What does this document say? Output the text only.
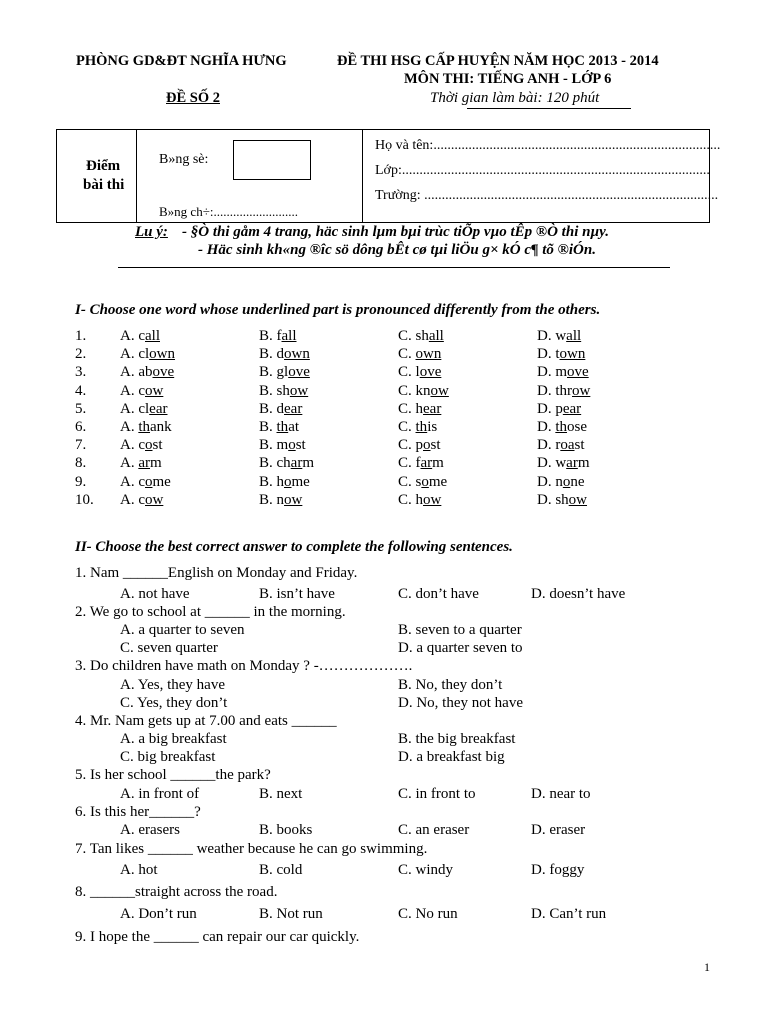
PHÒNG GD&ĐT NGHĨA HƯNG	ĐỀ THI HSG CẤP HUYỆN NĂM HỌC 2013 - 2014
MÔN THI: TIẾNG ANH - LỚP 6
ĐỀ SỐ 2	Thời gian làm bài: 120 phút
Điểm
bài thi
B»ng sè:
B»ng ch÷:..........................
Họ và tên:..................................................................................
Lớp:........................................................................................
Trường: ....................................................................................
Lu ý: - §Ò thi gåm 4 trang, häc sinh lµm bµi trùc tiÕp vµo tÊp ®Ò thi nµy.
- Häc sinh kh«ng ®îc sö dông bÊt cø tµi liÖu g× kÓ c¶ tõ ®iÓn.
I- Choose one word whose underlined part is pronounced differently from the others.
1. A. call	B. fall	C. shall	D. wall
2. A. clown	B. down	C. own	D. town
3. A. above	B. glove	C. love	D. move
4. A. cow	B. show	C. know	D. throw
5. A. clear	B. dear	C. hear	D. pear
6. A. thank	B. that	C. this	D. those
7. A. cost	B. most	C. post	D. roast
8. A. arm	B. charm	C. farm	D. warm
9. A. come	B. home	C. some	D. none
10. A. cow	B. now	C. how	D. show
II- Choose the best correct answer to complete the following sentences.
1. Nam ______English on Monday and Friday.
A. not have	B. isn’t have	C. don’t have	D. doesn’t have
2. We go to school at ______ in the morning.
A. a quarter to seven	B. seven to a quarter
C. seven quarter	D. a quarter seven to
3. Do children have math on Monday ? -……………….
A. Yes, they have	B. No, they don’t
C. Yes, they don’t	D. No, they not have
4. Mr. Nam gets up at 7.00 and eats ______
A. a big breakfast	B. the big breakfast
C. big breakfast	D. a breakfast big
5. Is her school ______the park?
A. in front of	B. next	C. in front to	D. near to
6. Is this her______?
A. erasers	B. books	C. an eraser	D. eraser
7. Tan likes ______ weather because he can go swimming.
A. hot	B. cold	C. windy	D. foggy
8. ______straight across the road.
A. Don’t run	B. Not run	C. No run	D. Can’t run
9. I hope the ______ can repair our car quickly.
1
